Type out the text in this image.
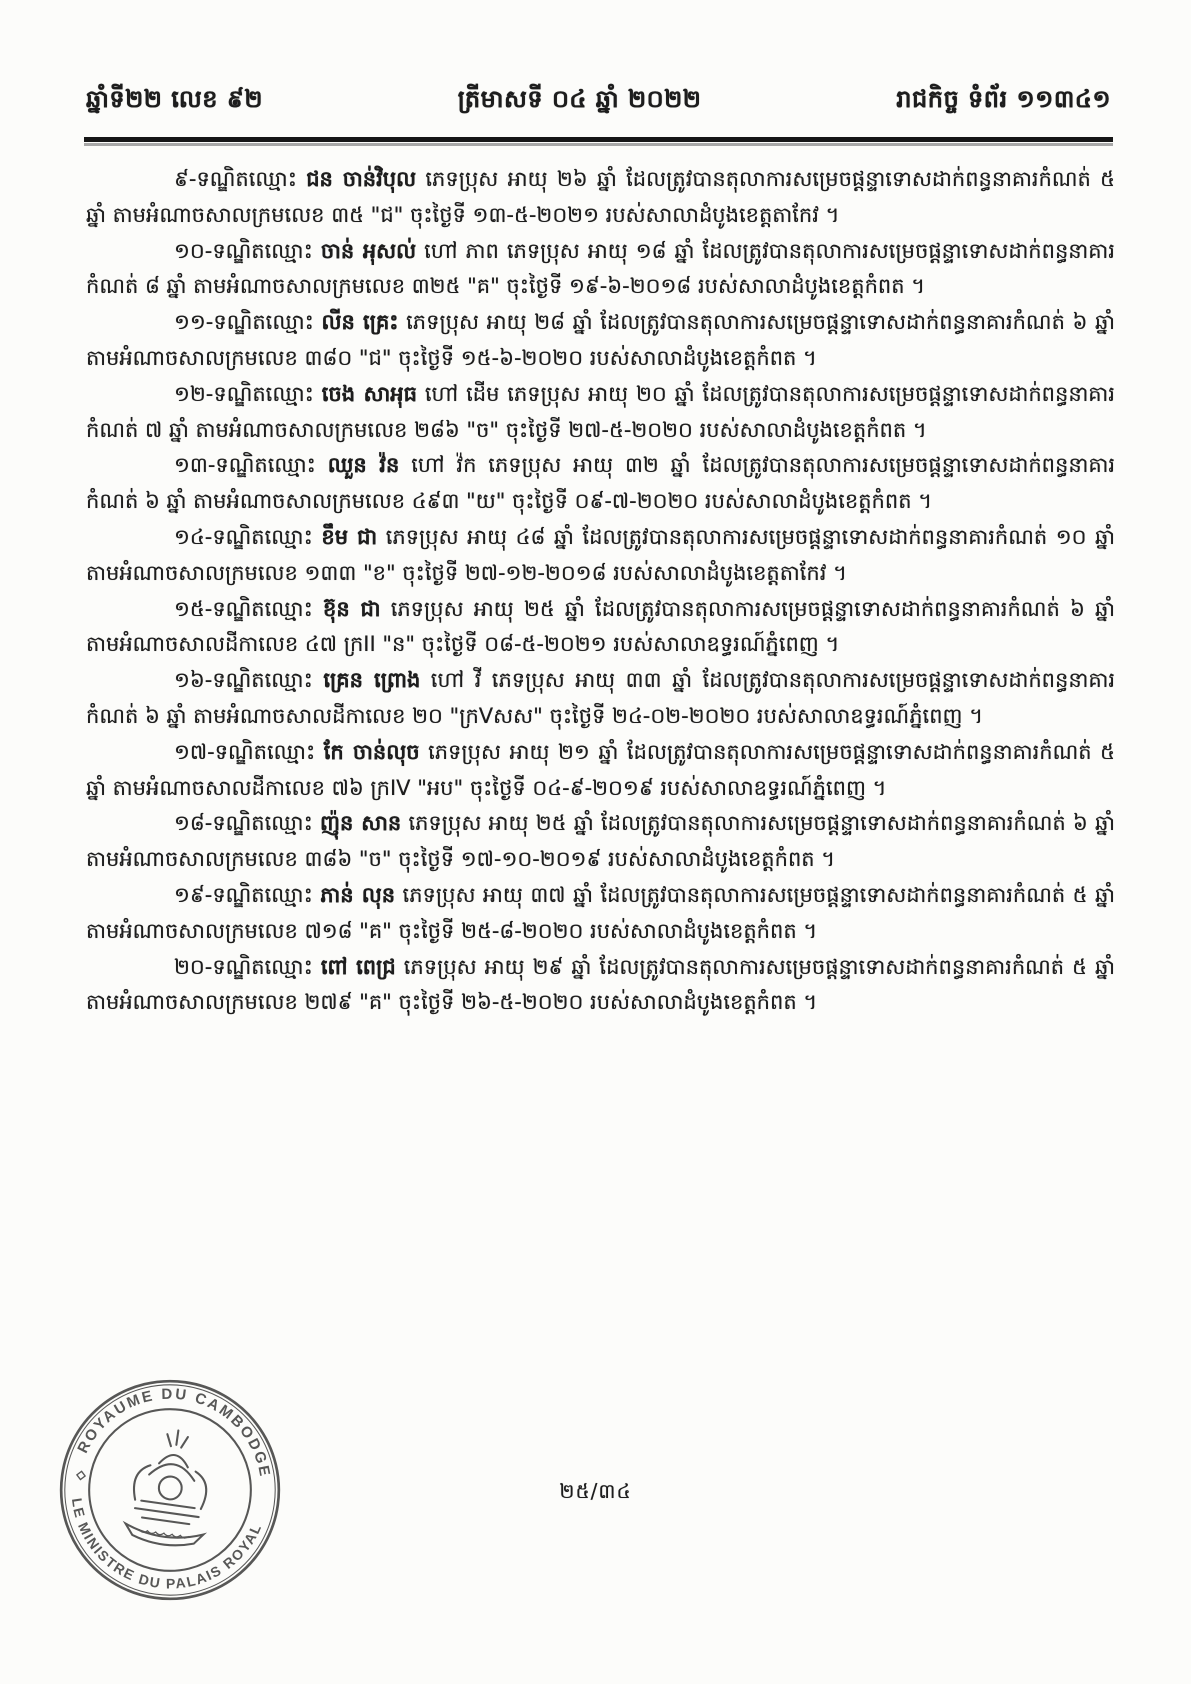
ឆ្នាំទី២២ លេខ ៩២	ត្រីមាសទី ០៤ ឆ្នាំ ២០២២	រាជកិច្ច ទំព័រ ១១៣៤១

៩-ទណ្ឌិតឈ្មោះ ជន ចាន់វិបុល ភេទប្រុស អាយុ ២៦ ឆ្នាំ ដែលត្រូវបានតុលាការសម្រេចផ្តន្ទាទោសដាក់ពន្ធនាគារកំណត់ ៥ ឆ្នាំ តាមអំណាចសាលក្រមលេខ ៣៥ "ជ" ចុះថ្ងៃទី ១៣-៥-២០២១ របស់សាលាដំបូងខេត្តតាកែវ ។

១០-ទណ្ឌិតឈ្មោះ ចាន់ អុសល់ ហៅ ភាព ភេទប្រុស អាយុ ១៨ ឆ្នាំ ដែលត្រូវបានតុលាការសម្រេចផ្តន្ទាទោសដាក់ពន្ធនាគារកំណត់ ៨ ឆ្នាំ តាមអំណាចសាលក្រមលេខ ៣២៥ "គ" ចុះថ្ងៃទី ១៩-៦-២០១៨ របស់សាលាដំបូងខេត្តកំពត ។

១១-ទណ្ឌិតឈ្មោះ លីន គ្រេះ ភេទប្រុស អាយុ ២៨ ឆ្នាំ ដែលត្រូវបានតុលាការសម្រេចផ្តន្ទាទោសដាក់ពន្ធនាគារកំណត់ ៦ ឆ្នាំ តាមអំណាចសាលក្រមលេខ ៣៨០ "ជ" ចុះថ្ងៃទី ១៥-៦-២០២០ របស់សាលាដំបូងខេត្តកំពត ។

១២-ទណ្ឌិតឈ្មោះ ចេង សាអុធ ហៅ ដើម ភេទប្រុស អាយុ ២០ ឆ្នាំ ដែលត្រូវបានតុលាការសម្រេចផ្តន្ទាទោសដាក់ពន្ធនាគារកំណត់ ៧ ឆ្នាំ តាមអំណាចសាលក្រមលេខ ២៨៦ "ច" ចុះថ្ងៃទី ២៧-៥-២០២០ របស់សាលាដំបូងខេត្តកំពត ។

១៣-ទណ្ឌិតឈ្មោះ ឈួន វ៉ន ហៅ វ៉ក ភេទប្រុស អាយុ ៣២ ឆ្នាំ ដែលត្រូវបានតុលាការសម្រេចផ្តន្ទាទោសដាក់ពន្ធនាគារកំណត់ ៦ ឆ្នាំ តាមអំណាចសាលក្រមលេខ ៤៩៣ "យ" ចុះថ្ងៃទី ០៩-៧-២០២០ របស់សាលាដំបូងខេត្តកំពត ។

១៤-ទណ្ឌិតឈ្មោះ ខឹម ជា ភេទប្រុស អាយុ ៤៨ ឆ្នាំ ដែលត្រូវបានតុលាការសម្រេចផ្តន្ទាទោសដាក់ពន្ធនាគារកំណត់ ១០ ឆ្នាំ តាមអំណាចសាលក្រមលេខ ១៣៣ "ខ" ចុះថ្ងៃទី ២៧-១២-២០១៨ របស់សាលាដំបូងខេត្តតាកែវ ។

១៥-ទណ្ឌិតឈ្មោះ ខ៊ុន ជា ភេទប្រុស អាយុ ២៥ ឆ្នាំ ដែលត្រូវបានតុលាការសម្រេចផ្តន្ទាទោសដាក់ពន្ធនាគារកំណត់ ៦ ឆ្នាំ តាមអំណាចសាលដីកាលេខ ៤៧ ក្រII "ន" ចុះថ្ងៃទី ០៨-៥-២០២១ របស់សាលាឧទ្ធរណ៍ភ្នំពេញ ។

១៦-ទណ្ឌិតឈ្មោះ គ្រេន ព្រោង ហៅ វី ភេទប្រុស អាយុ ៣៣ ឆ្នាំ ដែលត្រូវបានតុលាការសម្រេចផ្តន្ទាទោសដាក់ពន្ធនាគារកំណត់ ៦ ឆ្នាំ តាមអំណាចសាលដីកាលេខ ២០ "ក្រVសស" ចុះថ្ងៃទី ២៤-០២-២០២០ របស់សាលាឧទ្ធរណ៍ភ្នំពេញ ។

១៧-ទណ្ឌិតឈ្មោះ កែ ចាន់លុច ភេទប្រុស អាយុ ២១ ឆ្នាំ ដែលត្រូវបានតុលាការសម្រេចផ្តន្ទាទោសដាក់ពន្ធនាគារកំណត់ ៥ ឆ្នាំ តាមអំណាចសាលដីកាលេខ ៧៦ ក្រIV "អប" ចុះថ្ងៃទី ០៤-៩-២០១៩ របស់សាលាឧទ្ធរណ៍ភ្នំពេញ ។

១៨-ទណ្ឌិតឈ្មោះ ញ៉ុន សាន ភេទប្រុស អាយុ ២៥ ឆ្នាំ ដែលត្រូវបានតុលាការសម្រេចផ្តន្ទាទោសដាក់ពន្ធនាគារកំណត់ ៦ ឆ្នាំ តាមអំណាចសាលក្រមលេខ ៣៨៦ "ច" ចុះថ្ងៃទី ១៧-១០-២០១៩ របស់សាលាដំបូងខេត្តកំពត ។

១៩-ទណ្ឌិតឈ្មោះ ភាន់ លុន ភេទប្រុស អាយុ ៣៧ ឆ្នាំ ដែលត្រូវបានតុលាការសម្រេចផ្តន្ទាទោសដាក់ពន្ធនាគារកំណត់ ៥ ឆ្នាំ តាមអំណាចសាលក្រមលេខ ៧១៨ "គ" ចុះថ្ងៃទី ២៥-៨-២០២០ របស់សាលាដំបូងខេត្តកំពត ។

២០-ទណ្ឌិតឈ្មោះ ពៅ ពេជ្រ ភេទប្រុស អាយុ ២៩ ឆ្នាំ ដែលត្រូវបានតុលាការសម្រេចផ្តន្ទាទោសដាក់ពន្ធនាគារកំណត់ ៥ ឆ្នាំ តាមអំណាចសាលក្រមលេខ ២៧៩ "គ" ចុះថ្ងៃទី ២៦-៥-២០២០ របស់សាលាដំបូងខេត្តកំពត ។

២៥/៣៤
ROYAUME DU CAMBODGE
LE MINISTRE DU PALAIS ROYAL
